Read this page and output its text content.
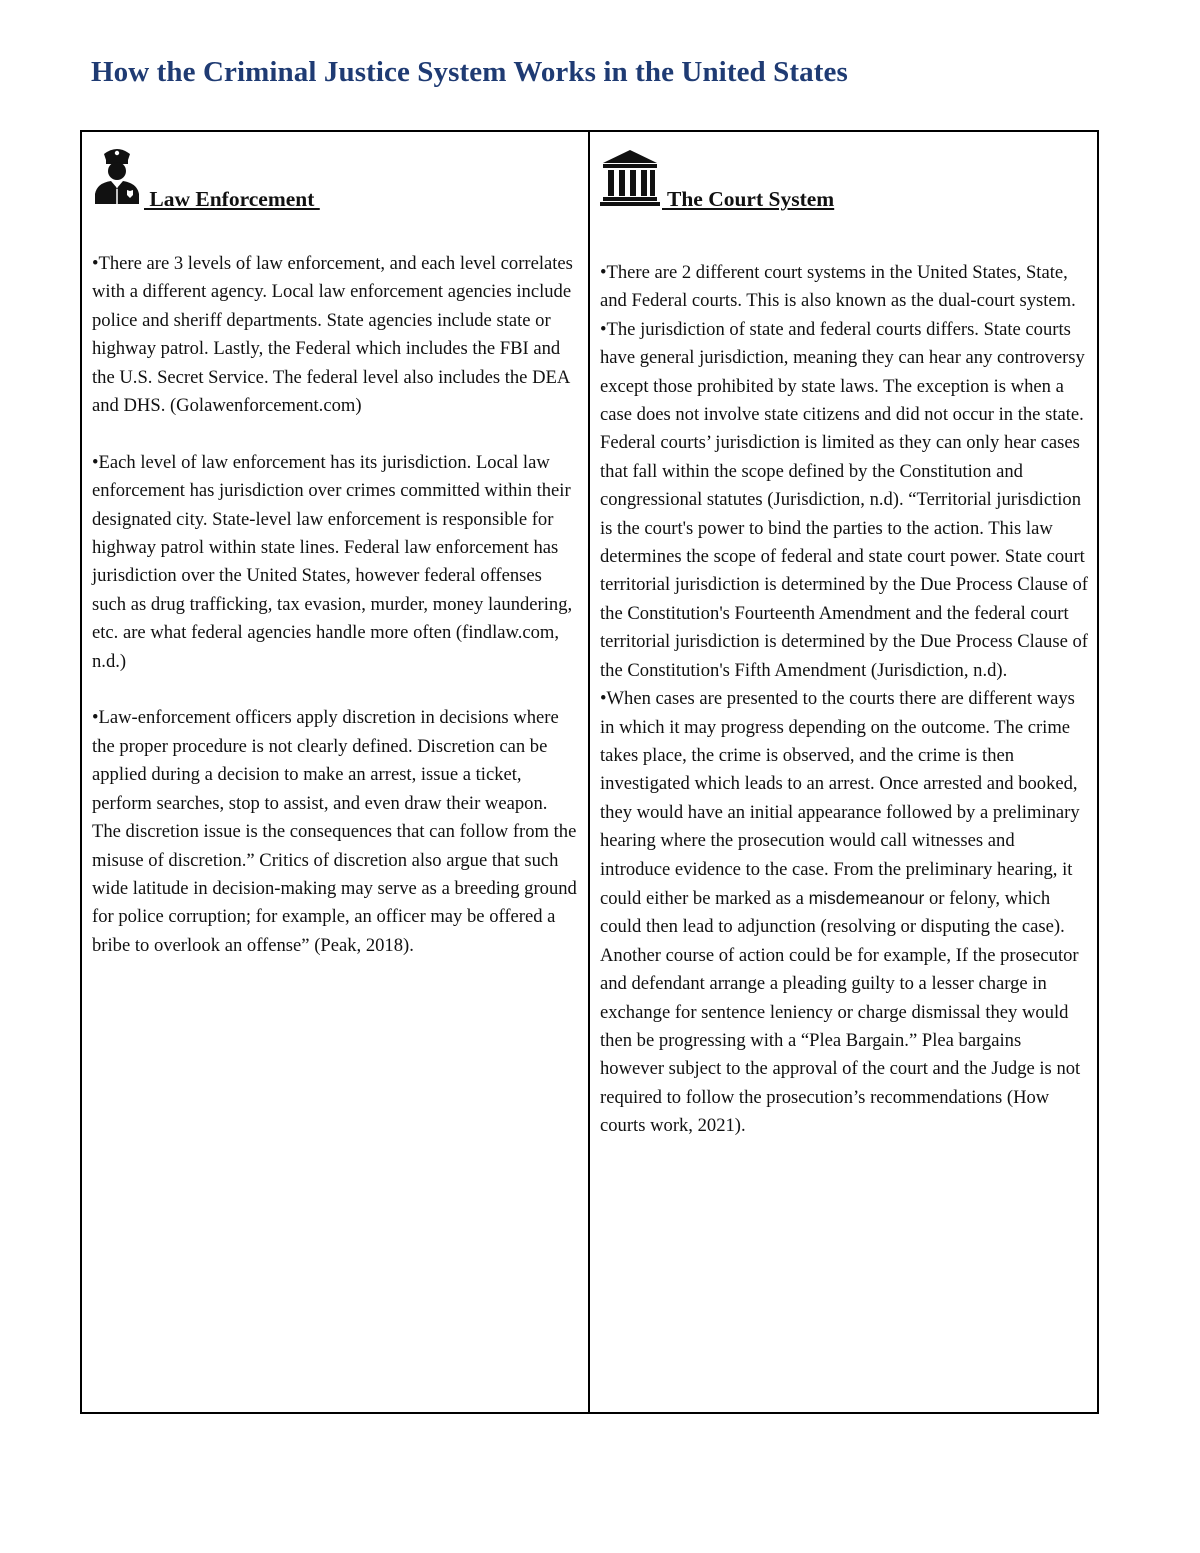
How the Criminal Justice System Works in the United States
Law Enforcement

•There are 3 levels of law enforcement, and each level correlates with a different agency. Local law enforcement agencies include police and sheriff departments. State agencies include state or highway patrol. Lastly, the Federal which includes the FBI and the U.S. Secret Service. The federal level also includes the DEA and DHS. (Golawenforcement.com)

•Each level of law enforcement has its jurisdiction. Local law enforcement has jurisdiction over crimes committed within their designated city. State-level law enforcement is responsible for highway patrol within state lines. Federal law enforcement has jurisdiction over the United States, however federal offenses such as drug trafficking, tax evasion, murder, money laundering, etc. are what federal agencies handle more often (findlaw.com, n.d.)

•Law-enforcement officers apply discretion in decisions where the proper procedure is not clearly defined. Discretion can be applied during a decision to make an arrest, issue a ticket, perform searches, stop to assist, and even draw their weapon. The discretion issue is the consequences that can follow from the misuse of discretion.” Critics of discretion also argue that such wide latitude in decision-making may serve as a breeding ground for police corruption; for example, an officer may be offered a bribe to overlook an offense” (Peak, 2018).

The Court System

•There are 2 different court systems in the United States, State, and Federal courts. This is also known as the dual-court system.

•The jurisdiction of state and federal courts differs. State courts have general jurisdiction, meaning they can hear any controversy except those prohibited by state laws. The exception is when a case does not involve state citizens and did not occur in the state. Federal courts’ jurisdiction is limited as they can only hear cases that fall within the scope defined by the Constitution and congressional statutes (Jurisdiction, n.d). “Territorial jurisdiction is the court's power to bind the parties to the action. This law determines the scope of federal and state court power. State court territorial jurisdiction is determined by the Due Process Clause of the Constitution's Fourteenth Amendment and the federal court territorial jurisdiction is determined by the Due Process Clause of the Constitution's Fifth Amendment (Jurisdiction, n.d).

•When cases are presented to the courts there are different ways in which it may progress depending on the outcome. The crime takes place, the crime is observed, and the crime is then investigated which leads to an arrest. Once arrested and booked, they would have an initial appearance followed by a preliminary hearing where the prosecution would call witnesses and introduce evidence to the case. From the preliminary hearing, it could either be marked as a misdemeanour or felony, which could then lead to adjunction (resolving or disputing the case). Another course of action could be for example, If the prosecutor and defendant arrange a pleading guilty to a lesser charge in exchange for sentence leniency or charge dismissal they would then be progressing with a “Plea Bargain.” Plea bargains however subject to the approval of the court and the Judge is not required to follow the prosecution’s recommendations (How courts work, 2021).
